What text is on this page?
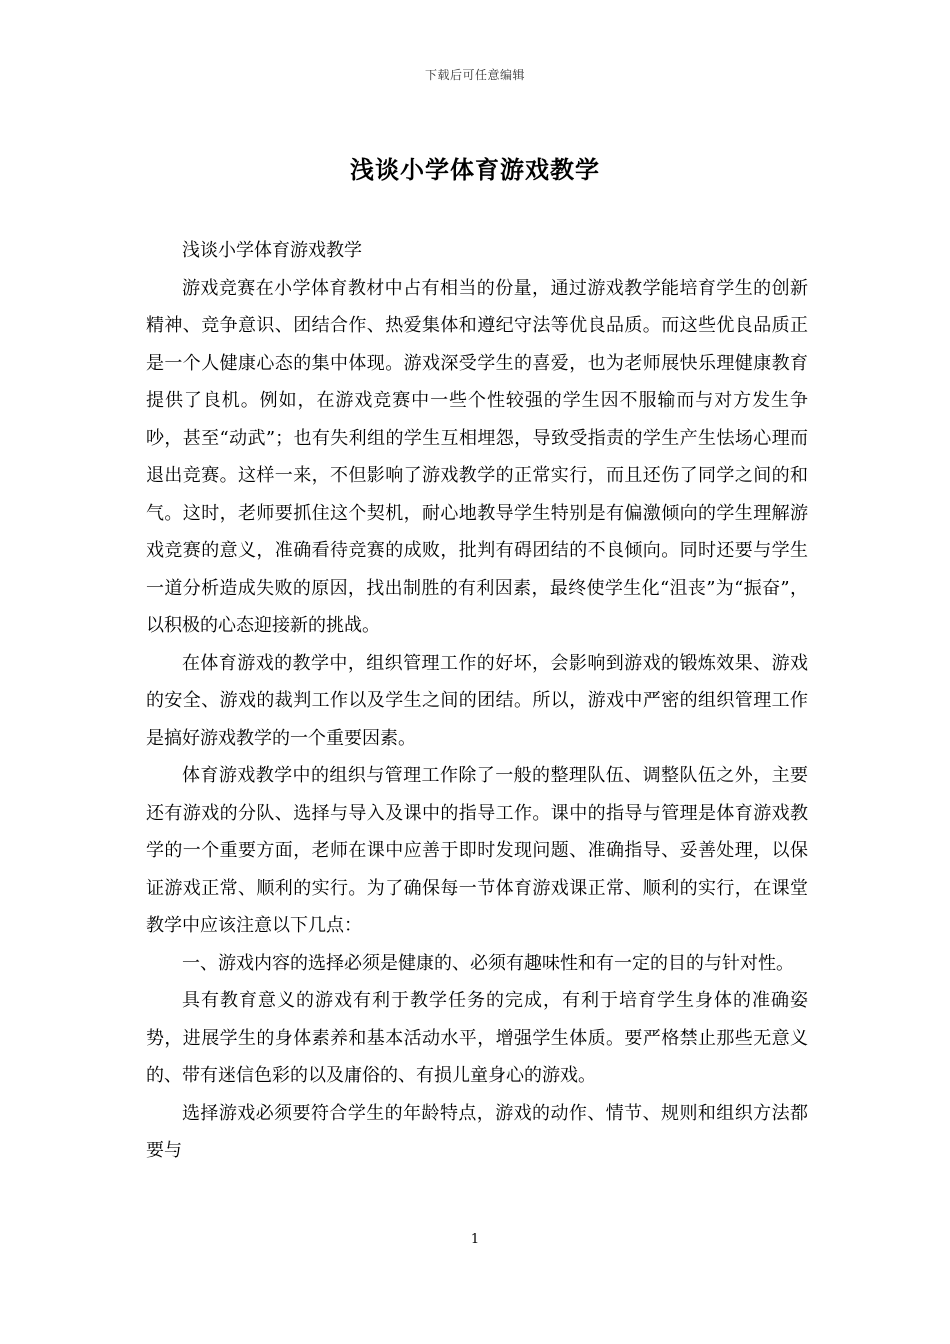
下载后可任意编辑
浅谈小学体育游戏教学

浅谈小学体育游戏教学

游戏竞赛在小学体育教材中占有相当的份量，通过游戏教学能培育学生的创新精神、竞争意识、团结合作、热爱集体和遵纪守法等优良品质。而这些优良品质正是一个人健康心态的集中体现。游戏深受学生的喜爱，也为老师展快乐理健康教育提供了良机。例如，在游戏竞赛中一些个性较强的学生因不服输而与对方发生争吵，甚至“动武”；也有失利组的学生互相埋怨，导致受指责的学生产生怯场心理而退出竞赛。这样一来，不但影响了游戏教学的正常实行，而且还伤了同学之间的和气。这时，老师要抓住这个契机，耐心地教导学生特别是有偏激倾向的学生理解游戏竞赛的意义，准确看待竞赛的成败，批判有碍团结的不良倾向。同时还要与学生一道分析造成失败的原因，找出制胜的有利因素，最终使学生化“沮丧”为“振奋”，以积极的心态迎接新的挑战。

在体育游戏的教学中，组织管理工作的好坏，会影响到游戏的锻炼效果、游戏的安全、游戏的裁判工作以及学生之间的团结。所以，游戏中严密的组织管理工作是搞好游戏教学的一个重要因素。

体育游戏教学中的组织与管理工作除了一般的整理队伍、调整队伍之外，主要还有游戏的分队、选择与导入及课中的指导工作。课中的指导与管理是体育游戏教学的一个重要方面，老师在课中应善于即时发现问题、准确指导、妥善处理，以保证游戏正常、顺利的实行。为了确保每一节体育游戏课正常、顺利的实行，在课堂教学中应该注意以下几点：

一、游戏内容的选择必须是健康的、必须有趣味性和有一定的目的与针对性。

具有教育意义的游戏有利于教学任务的完成，有利于培育学生身体的准确姿势，进展学生的身体素养和基本活动水平，增强学生体质。要严格禁止那些无意义的、带有迷信色彩的以及庸俗的、有损儿童身心的游戏。

选择游戏必须要符合学生的年龄特点，游戏的动作、情节、规则和组织方法都要与

1
